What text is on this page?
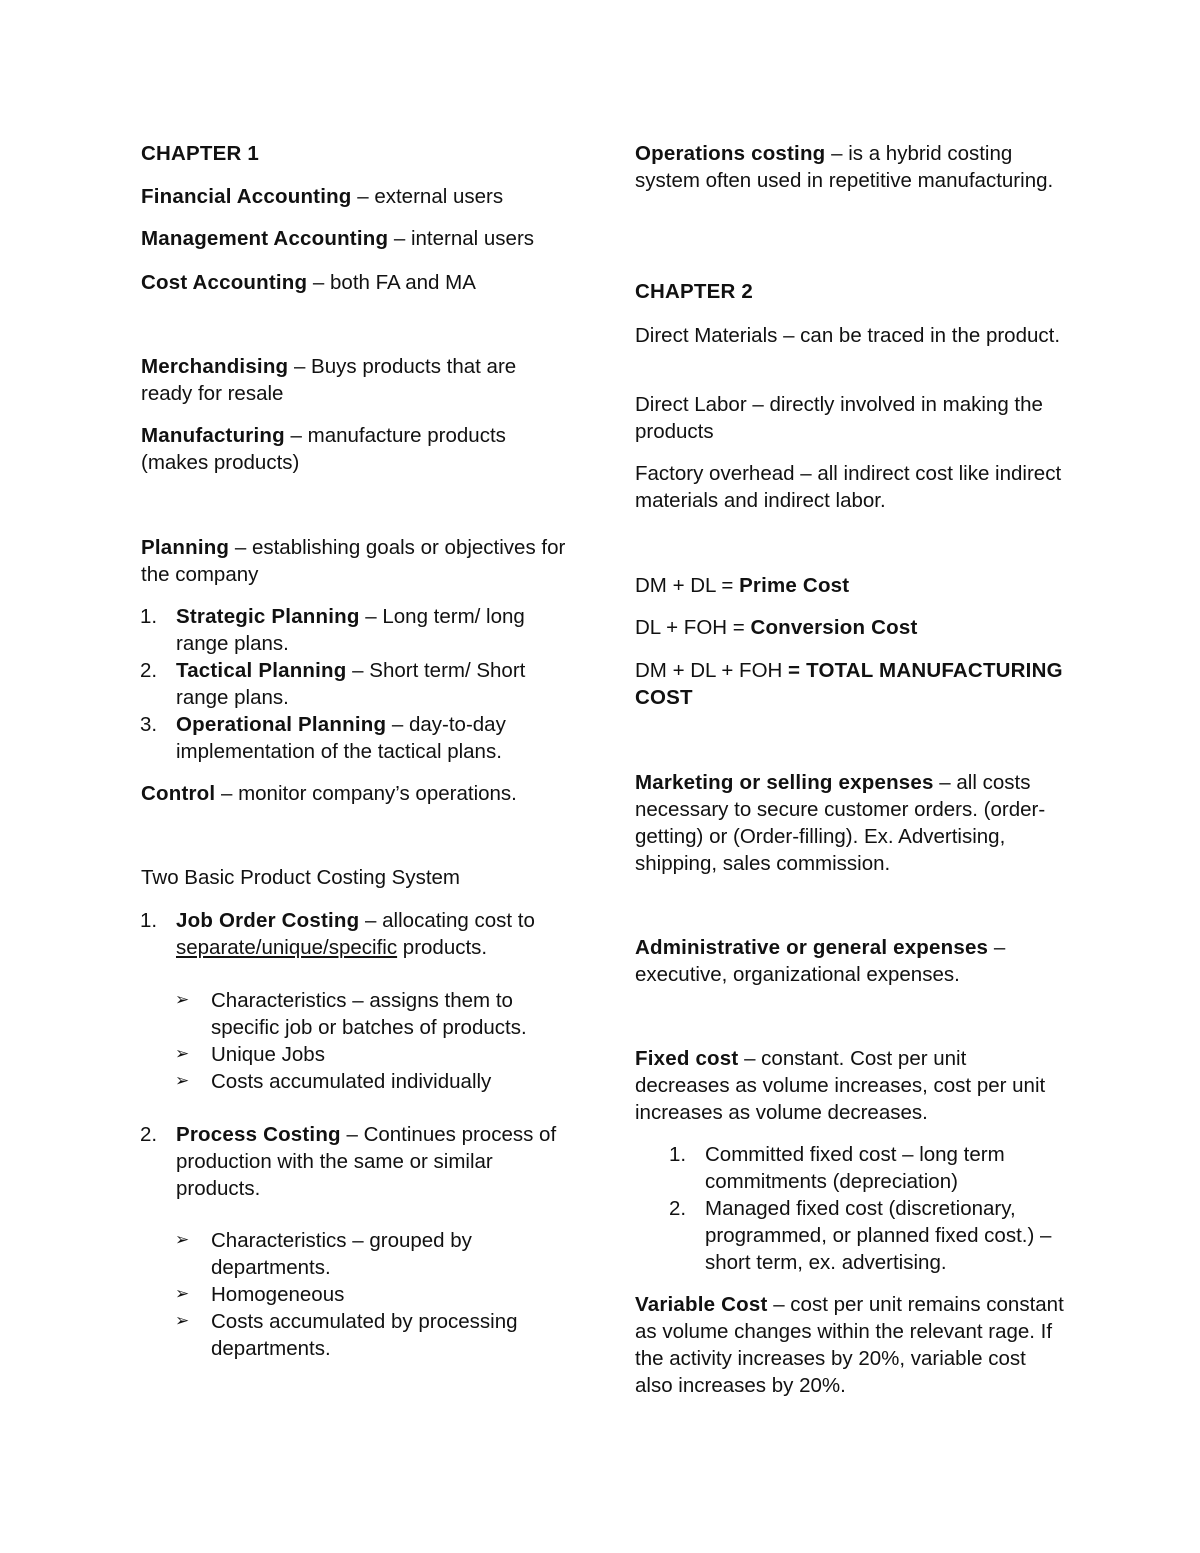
CHAPTER 1

Financial Accounting – external users

Management Accounting – internal users

Cost Accounting – both FA and MA

Merchandising – Buys products that are ready for resale

Manufacturing – manufacture products (makes products)

Planning – establishing goals or objectives for the company

1. Strategic Planning – Long term/ long range plans.
2. Tactical Planning – Short term/ Short range plans.
3. Operational Planning – day-to-day implementation of the tactical plans.

Control – monitor company’s operations.

Two Basic Product Costing System

1. Job Order Costing – allocating cost to separate/unique/specific products.
➢	Characteristics – assigns them to specific job or batches of products.
➢	Unique Jobs
➢	Costs accumulated individually
2. Process Costing – Continues process of production with the same or similar products.
➢	Characteristics – grouped by departments.
➢	Homogeneous
➢	Costs accumulated by processing departments.

Operations costing – is a hybrid costing system often used in repetitive manufacturing.

CHAPTER 2

Direct Materials – can be traced in the product.

Direct Labor – directly involved in making the products

Factory overhead – all indirect cost like indirect materials and indirect labor.

DM + DL = Prime Cost

DL + FOH = Conversion Cost

DM + DL + FOH = TOTAL MANUFACTURING COST

Marketing or selling expenses – all costs necessary to secure customer orders. (order-getting) or (Order-filling). Ex. Advertising, shipping, sales commission.

Administrative or general expenses – executive, organizational expenses.

Fixed cost – constant. Cost per unit decreases as volume increases, cost per unit increases as volume decreases.

1. Committed fixed cost – long term commitments (depreciation)
2. Managed fixed cost (discretionary, programmed, or planned fixed cost.) – short term, ex. advertising.

Variable Cost – cost per unit remains constant as volume changes within the relevant rage. If the activity increases by 20%, variable cost also increases by 20%.
